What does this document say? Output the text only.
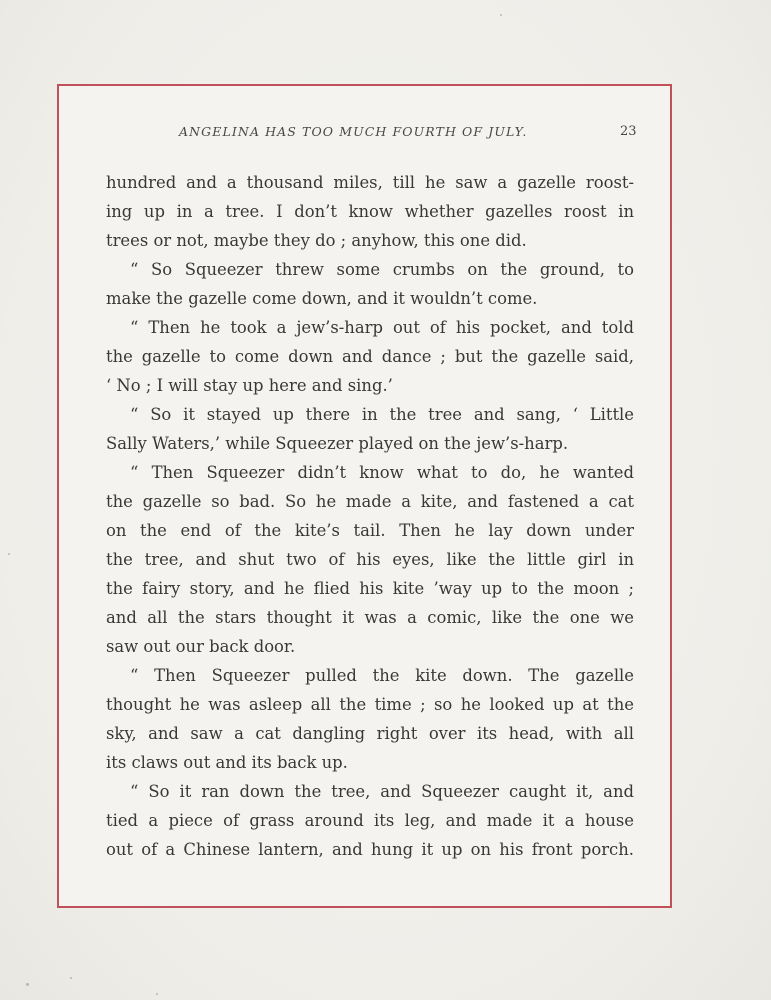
ANGELINA HAS TOO MUCH FOURTH OF JULY.	23
hundred and a thousand miles, till he saw a gazelle roost-
ing up in a tree. I don’t know whether gazelles roost in
trees or not, maybe they do ; anyhow, this one did.
“ So Squeezer threw some crumbs on the ground, to
make the gazelle come down, and it wouldn’t come.
“ Then he took a jew’s-harp out of his pocket, and told
the gazelle to come down and dance ; but the gazelle said,
‘ No ; I will stay up here and sing.’
“ So it stayed up there in the tree and sang, ‘ Little
Sally Waters,’ while Squeezer played on the jew’s-harp.
“ Then Squeezer didn’t know what to do, he wanted
the gazelle so bad. So he made a kite, and fastened a cat
on the end of the kite’s tail. Then he lay down under
the tree, and shut two of his eyes, like the little girl in
the fairy story, and he flied his kite ’way up to the moon ;
and all the stars thought it was a comic, like the one we
saw out our back door.
“ Then Squeezer pulled the kite down. The gazelle
thought he was asleep all the time ; so he looked up at the
sky, and saw a cat dangling right over its head, with all
its claws out and its back up.
“ So it ran down the tree, and Squeezer caught it, and
tied a piece of grass around its leg, and made it a house
out of a Chinese lantern, and hung it up on his front porch.
